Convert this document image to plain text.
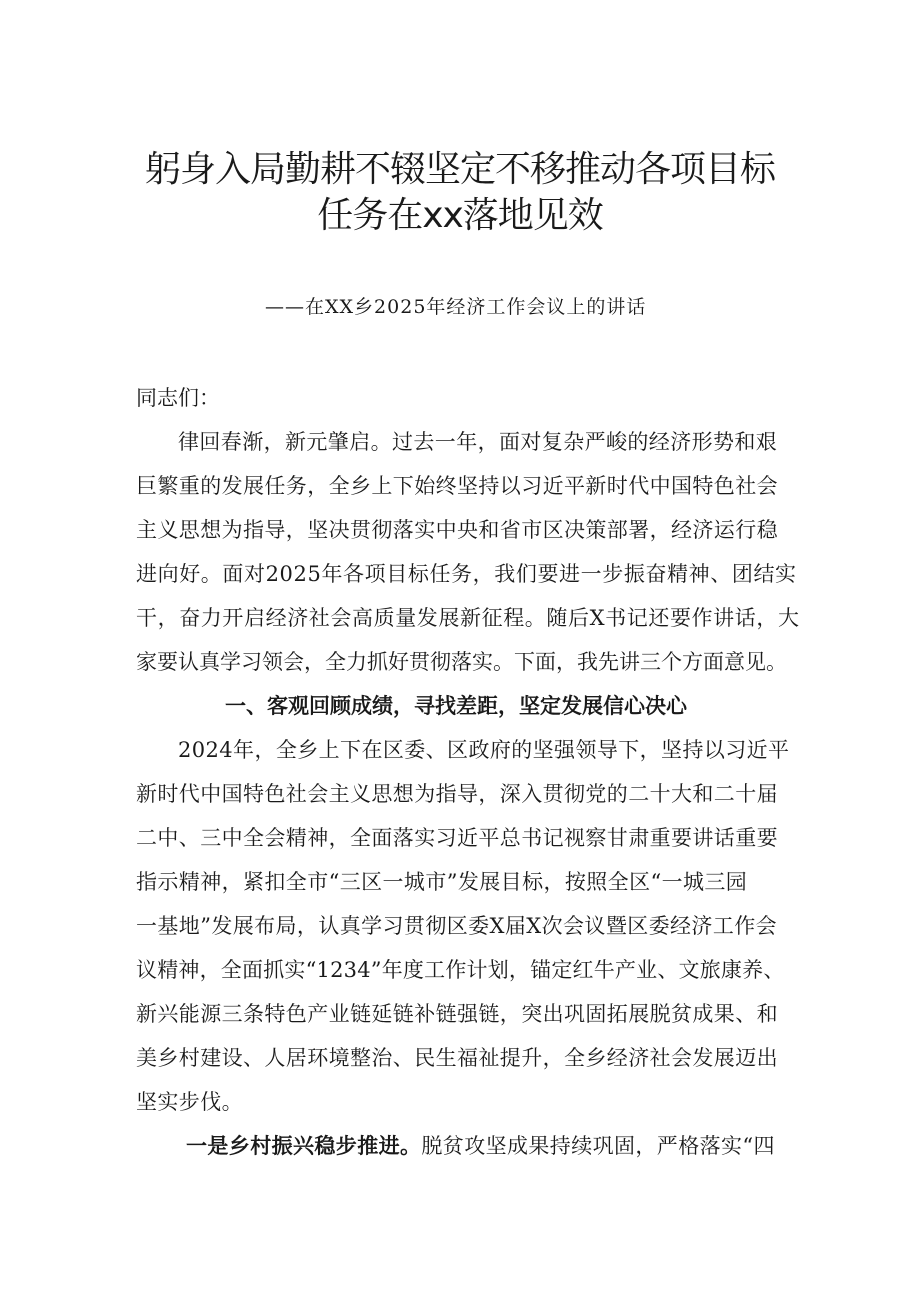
躬身入局勤耕不辍坚定不移推动各项目标
任务在xx落地见效
——在XX乡2025年经济工作会议上的讲话
同志们：
律回春渐，新元肇启。过去一年，面对复杂严峻的经济形势和艰
巨繁重的发展任务，全乡上下始终坚持以习近平新时代中国特色社会
主义思想为指导，坚决贯彻落实中央和省市区决策部署，经济运行稳
进向好。面对2025年各项目标任务，我们要进一步振奋精神、团结实
干，奋力开启经济社会高质量发展新征程。随后X书记还要作讲话，大
家要认真学习领会，全力抓好贯彻落实。下面，我先讲三个方面意见。
一、客观回顾成绩，寻找差距，坚定发展信心决心
2024年，全乡上下在区委、区政府的坚强领导下，坚持以习近平
新时代中国特色社会主义思想为指导，深入贯彻党的二十大和二十届
二中、三中全会精神，全面落实习近平总书记视察甘肃重要讲话重要
指示精神，紧扣全市“三区一城市”发展目标，按照全区“一城三园
一基地”发展布局，认真学习贯彻区委X届X次会议暨区委经济工作会
议精神，全面抓实“1234”年度工作计划，锚定红牛产业、文旅康养、
新兴能源三条特色产业链延链补链强链，突出巩固拓展脱贫成果、和
美乡村建设、人居环境整治、民生福祉提升，全乡经济社会发展迈出
坚实步伐。
一是乡村振兴稳步推进。脱贫攻坚成果持续巩固，严格落实“四
